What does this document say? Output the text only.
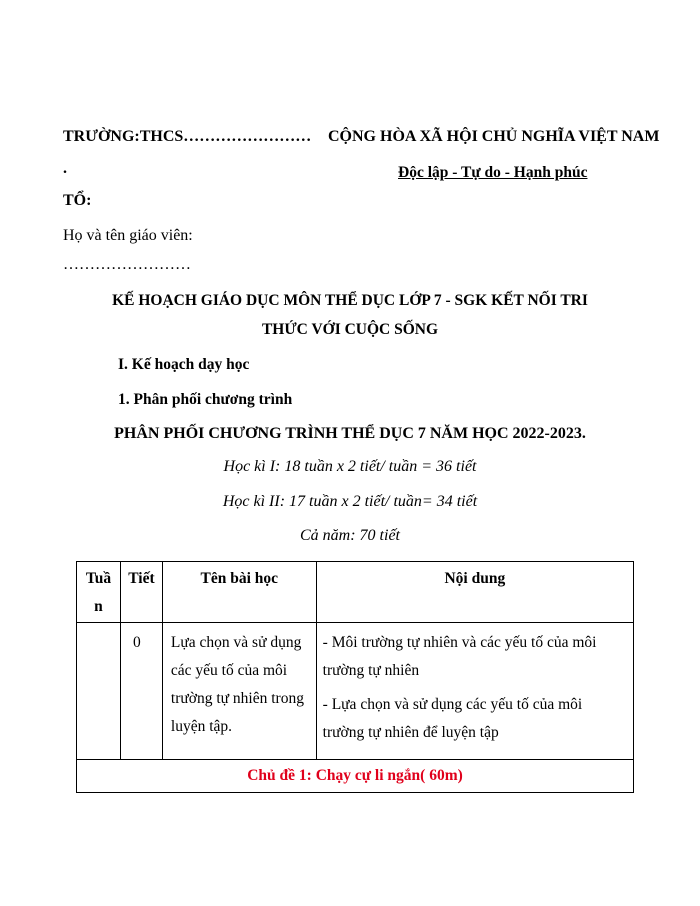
TRƯỜNG:THCS…………………… CỘNG HÒA XÃ HỘI CHỦ NGHĨA VIỆT NAM
.	Độc lập - Tự do - Hạnh phúc
TỔ:
Họ và tên giáo viên:
……………………
KẾ HOẠCH GIÁO DỤC MÔN THỂ DỤC LỚP 7 - SGK KẾT NỐI TRI
THỨC VỚI CUỘC SỐNG
I. Kế hoạch dạy học
1. Phân phối chương trình
PHÂN PHỐI CHƯƠNG TRÌNH THỂ DỤC 7 NĂM HỌC 2022-2023.
Học kì I: 18 tuần x 2 tiết/ tuần = 36 tiết
Học kì II: 17 tuần x 2 tiết/ tuần= 34 tiết
Cả năm: 70 tiết
Tuầ
n	Tiết	Tên bài học	Nội dung
	0	Lựa chọn và sử dụng các yếu tố của môi trường tự nhiên trong luyện tập.	- Môi trường tự nhiên và các yếu tố của môi trường tự nhiên

- Lựa chọn và sử dụng các yếu tố của môi trường tự nhiên để luyện tập

Chủ đề 1: Chạy cự li ngắn( 60m)			
